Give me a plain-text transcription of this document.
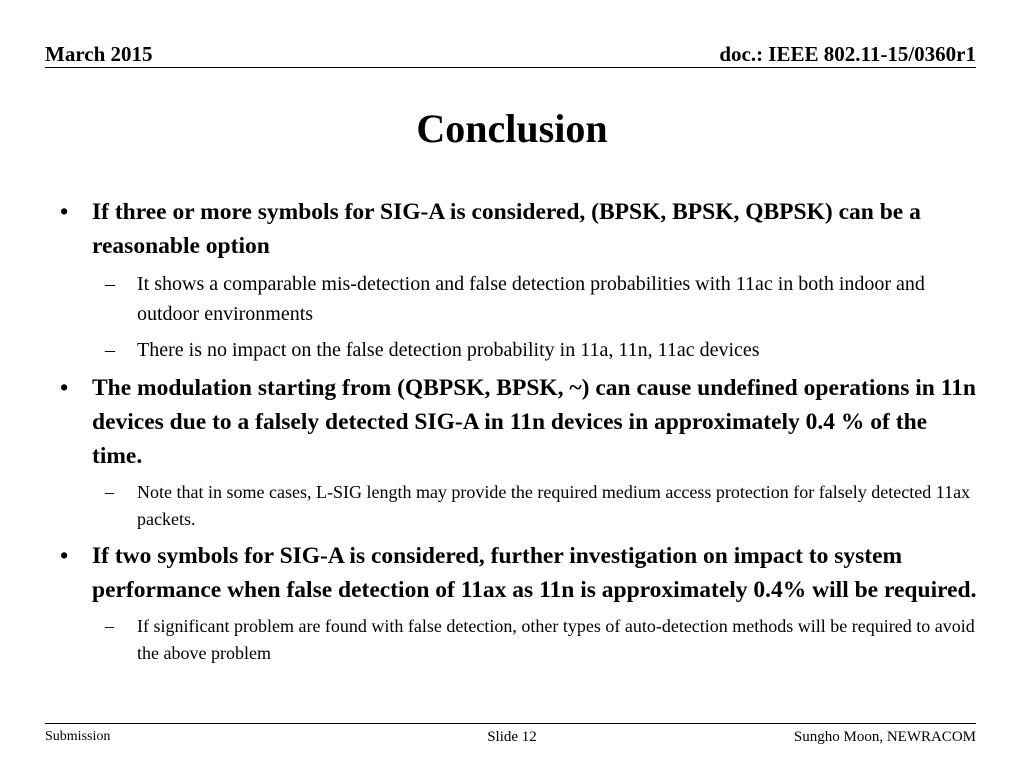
March 2015	doc.: IEEE 802.11-15/0360r1
Conclusion
• If three or more symbols for SIG-A is considered, (BPSK, BPSK, QBPSK) can be a reasonable option
– It shows a comparable mis-detection and false detection probabilities with 11ac in both indoor and outdoor environments
– There is no impact on the false detection probability in 11a, 11n, 11ac devices
• The modulation starting from (QBPSK, BPSK, ~) can cause undefined operations in 11n devices due to a falsely detected SIG-A in 11n devices in approximately 0.4 % of the time.
– Note that in some cases, L-SIG length may provide the required medium access protection for falsely detected 11ax packets.
• If two symbols for SIG-A is considered, further investigation on impact to system performance when false detection of 11ax as 11n is approximately 0.4% will be required.
– If significant problem are found with false detection, other types of auto-detection methods will be required to avoid the above problem
Submission	Slide 12	Sungho Moon, NEWRACOM
